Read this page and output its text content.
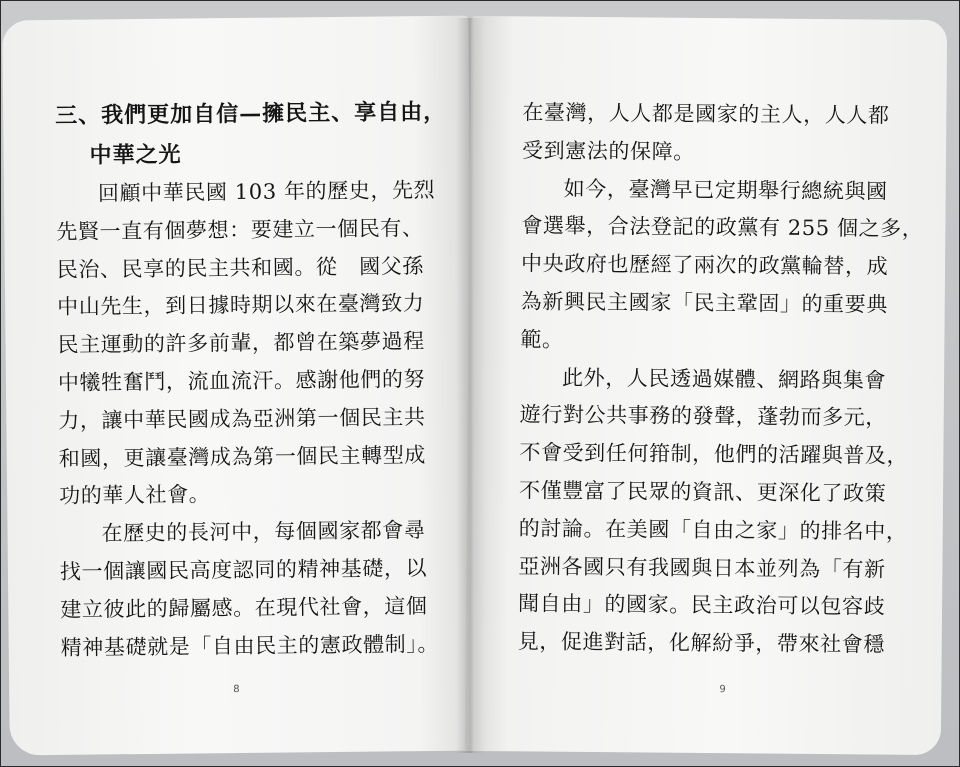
三、我們更加自信—擁民主、享自由，
中華之光
回顧中華民國 103 年的歷史，先烈
先賢一直有個夢想：要建立一個民有、
民治、民享的民主共和國。從　國父孫
中山先生，到日據時期以來在臺灣致力
民主運動的許多前輩，都曾在築夢過程
中犧牲奮鬥，流血流汗。感謝他們的努
力，讓中華民國成為亞洲第一個民主共
和國，更讓臺灣成為第一個民主轉型成
功的華人社會。
在歷史的長河中，每個國家都會尋
找一個讓國民高度認同的精神基礎，以
建立彼此的歸屬感。在現代社會，這個
精神基礎就是「自由民主的憲政體制」。
8
在臺灣，人人都是國家的主人，人人都
受到憲法的保障。
如今，臺灣早已定期舉行總統與國
會選舉，合法登記的政黨有 255 個之多，
中央政府也歷經了兩次的政黨輪替，成
為新興民主國家「民主鞏固」的重要典
範。
此外，人民透過媒體、網路與集會
遊行對公共事務的發聲，蓬勃而多元，
不會受到任何箝制，他們的活躍與普及，
不僅豐富了民眾的資訊、更深化了政策
的討論。在美國「自由之家」的排名中，
亞洲各國只有我國與日本並列為「有新
聞自由」的國家。民主政治可以包容歧
見，促進對話，化解紛爭，帶來社會穩
9
